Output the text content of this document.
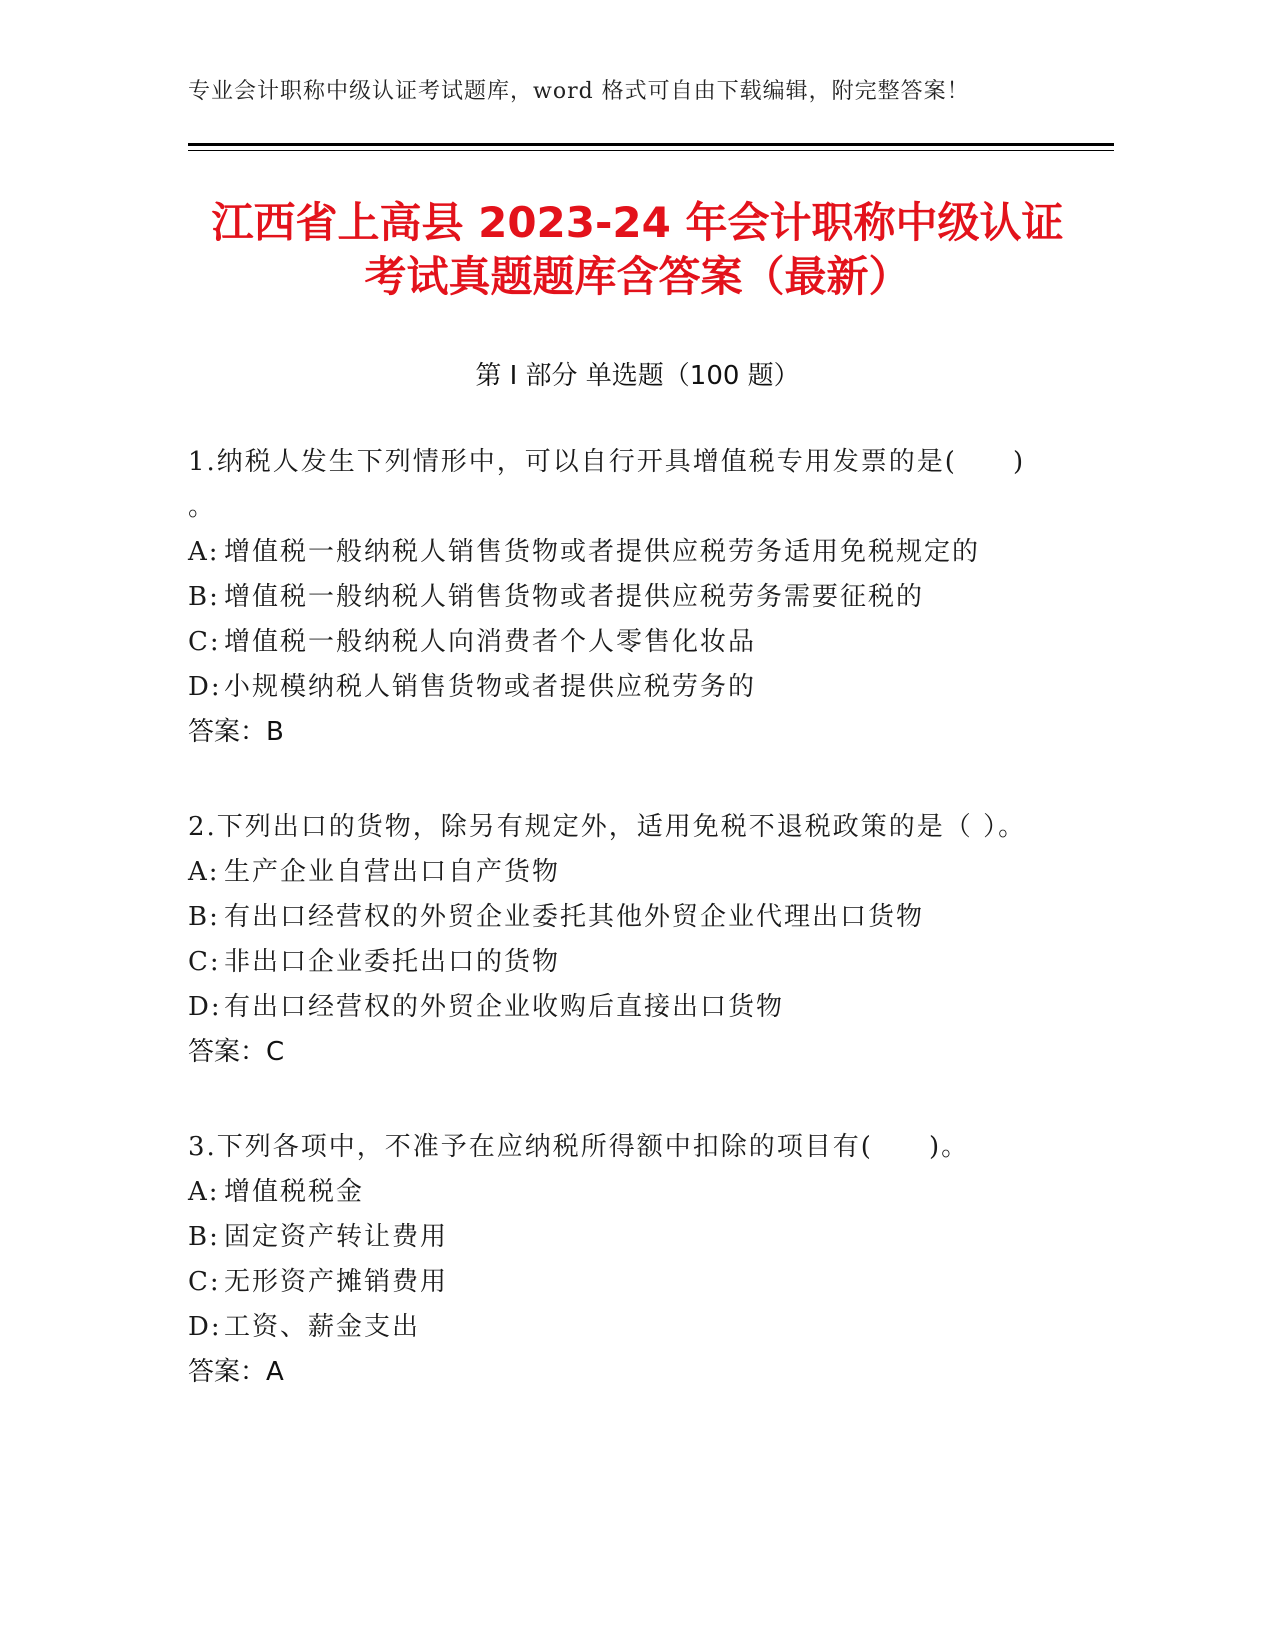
专业会计职称中级认证考试题库，word 格式可自由下载编辑，附完整答案！
江西省上高县 2023-24 年会计职称中级认证
考试真题题库含答案（最新）
第 I 部分 单选题（100 题）
1.纳税人发生下列情形中，可以自行开具增值税专用发票的是(　　)
。
A: 增值税一般纳税人销售货物或者提供应税劳务适用免税规定的
B: 增值税一般纳税人销售货物或者提供应税劳务需要征税的
C: 增值税一般纳税人向消费者个人零售化妆品
D:小规模纳税人销售货物或者提供应税劳务的
答案：B
2.下列出口的货物，除另有规定外，适用免税不退税政策的是（ ）。
A: 生产企业自营出口自产货物
B: 有出口经营权的外贸企业委托其他外贸企业代理出口货物
C: 非出口企业委托出口的货物
D:有出口经营权的外贸企业收购后直接出口货物
答案：C
3.下列各项中，不准予在应纳税所得额中扣除的项目有(　　)。
A: 增值税税金
B: 固定资产转让费用
C: 无形资产摊销费用
D:工资、薪金支出
答案：A
